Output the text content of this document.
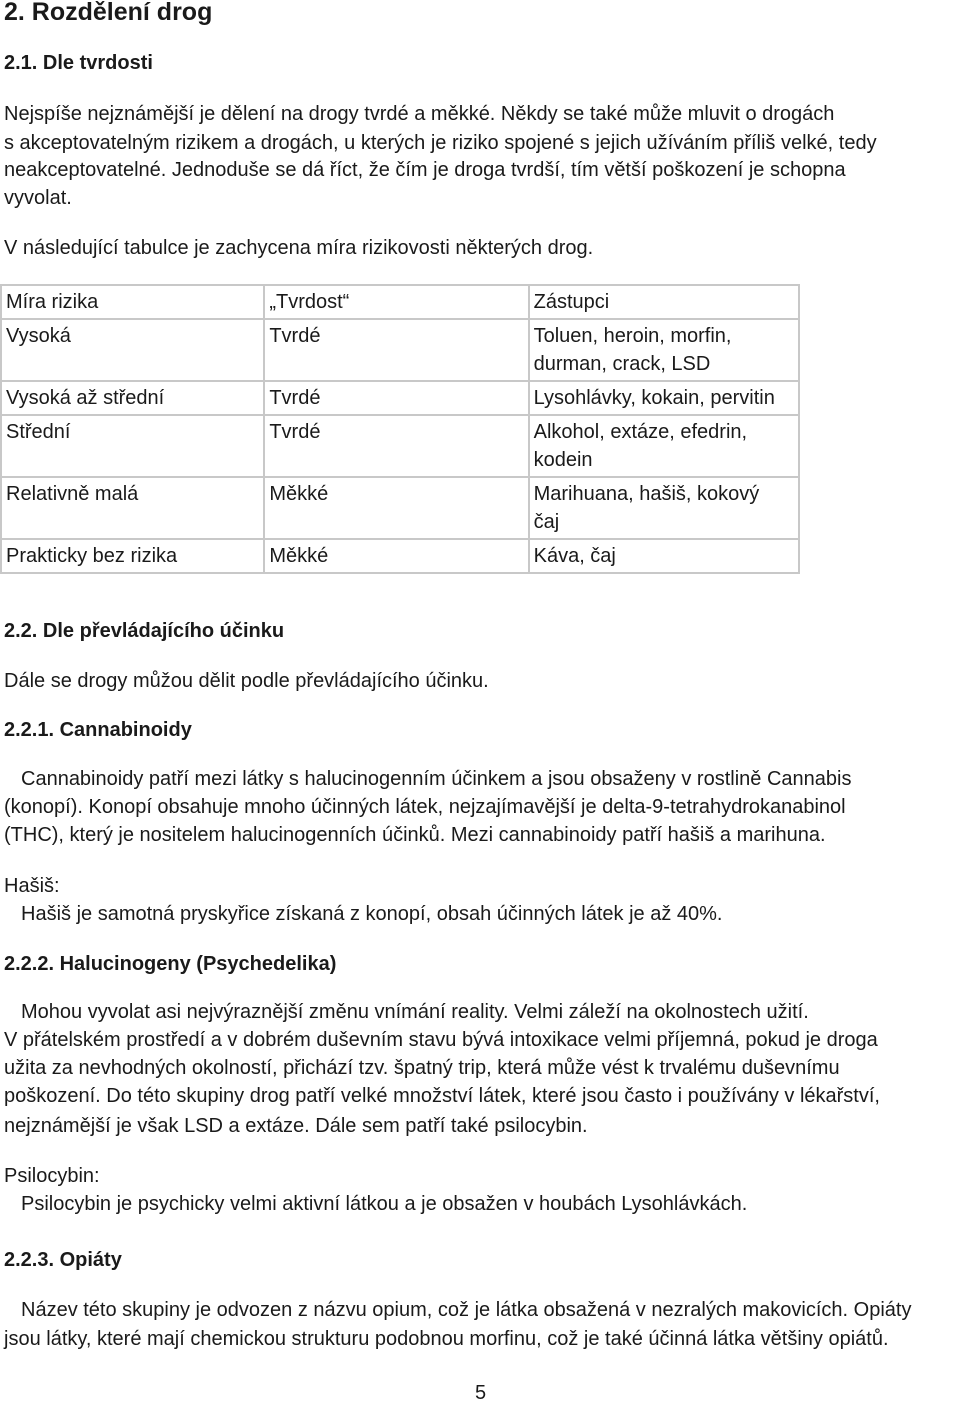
2. Rozdělení drog
2.1. Dle tvrdosti
Nejspíše nejznámější je dělení na drogy tvrdé a měkké. Někdy se také může mluvit o drogách
s akceptovatelným rizikem a drogách, u kterých je riziko spojené s jejich užíváním příliš velké, tedy
neakceptovatelné. Jednoduše se dá říct, že čím je droga tvrdší, tím větší poškození je schopna
vyvolat.
V následující tabulce je zachycena míra rizikovosti některých drog.
Míra rizika	„Tvrdost“	Zástupci
Vysoká	Tvrdé	Toluen, heroin, morfin,
durman, crack, LSD

Vysoká až střední	Tvrdé	Lysohlávky, kokain, pervitin
Střední	Tvrdé	Alkohol, extáze, efedrin,
kodein

Relativně malá	Měkké	Marihuana, hašiš, kokový
čaj

Prakticky bez rizika	Měkké	Káva, čaj
2.2. Dle převládajícího účinku
Dále se drogy můžou dělit podle převládajícího účinku.
2.2.1. Cannabinoidy
Cannabinoidy patří mezi látky s halucinogenním účinkem a jsou obsaženy v rostlině Cannabis
(konopí). Konopí obsahuje mnoho účinných látek, nejzajímavější je delta-9-tetrahydrokanabinol
(THC), který je nositelem halucinogenních účinků. Mezi cannabinoidy patří hašiš a marihuna.
Hašiš:
Hašiš je samotná pryskyřice získaná z konopí, obsah účinných látek je až 40%.
2.2.2. Halucinogeny (Psychedelika)
Mohou vyvolat asi nejvýraznější změnu vnímání reality. Velmi záleží na okolnostech užití.
V přátelském prostředí a v dobrém duševním stavu bývá intoxikace velmi příjemná, pokud je droga
užita za nevhodných okolností, přichází tzv. špatný trip, která může vést k trvalému duševnímu
poškození. Do této skupiny drog patří velké množství látek, které jsou často i používány v lékařství,
nejznámější je však LSD a extáze. Dále sem patří také psilocybin.
Psilocybin:
Psilocybin je psychicky velmi aktivní látkou a je obsažen v houbách Lysohlávkách.
2.2.3. Opiáty
Název této skupiny je odvozen z názvu opium, což je látka obsažená v nezralých makovicích. Opiáty
jsou látky, které mají chemickou strukturu podobnou morfinu, což je také účinná látka většiny opiátů.
5
